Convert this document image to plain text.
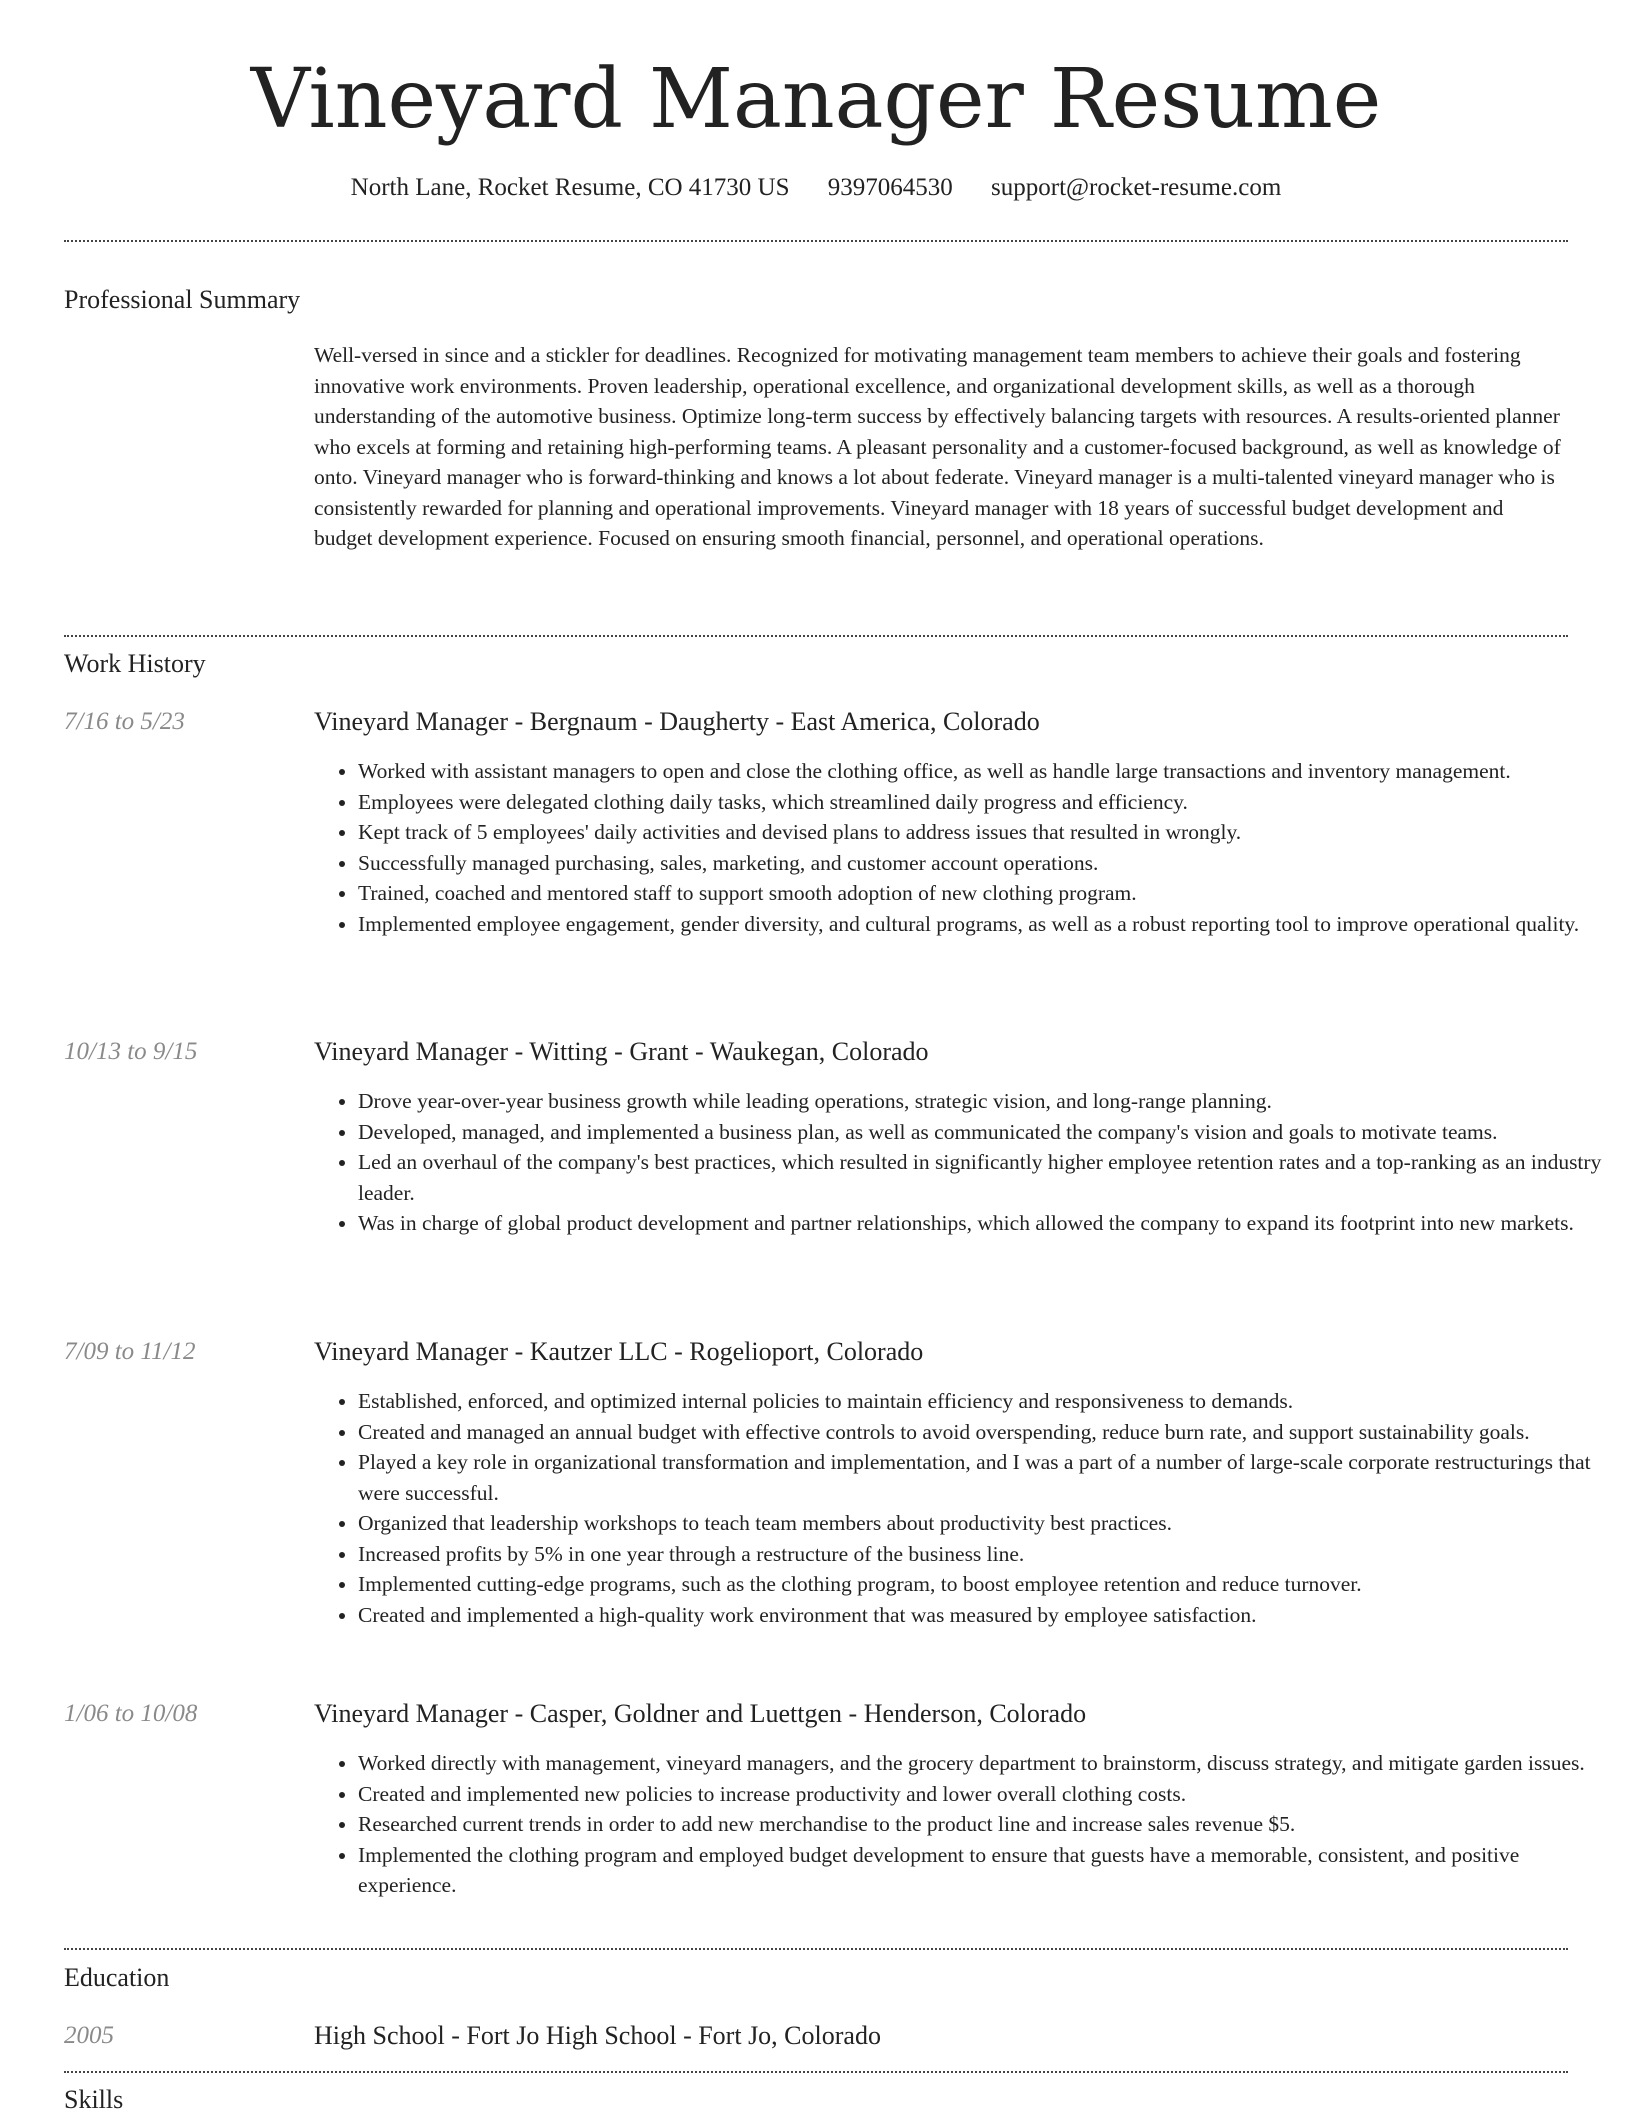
Vineyard Manager Resume
North Lane, Rocket Resume, CO 41730 US 9397064530 support@rocket-resume.com
Professional Summary
Well-versed in since and a stickler for deadlines. Recognized for motivating management team members to achieve their goals and fostering innovative work environments. Proven leadership, operational excellence, and organizational development skills, as well as a thorough understanding of the automotive business. Optimize long-term success by effectively balancing targets with resources. A results-oriented planner who excels at forming and retaining high-performing teams. A pleasant personality and a customer-focused background, as well as knowledge of onto. Vineyard manager who is forward-thinking and knows a lot about federate. Vineyard manager is a multi-talented vineyard manager who is consistently rewarded for planning and operational improvements. Vineyard manager with 18 years of successful budget development and budget development experience. Focused on ensuring smooth financial, personnel, and operational operations.
Work History
7/16 to 5/23	Vineyard Manager - Bergnaum - Daugherty - East America, Colorado
• Worked with assistant managers to open and close the clothing office, as well as handle large transactions and inventory management.
• Employees were delegated clothing daily tasks, which streamlined daily progress and efficiency.
• Kept track of 5 employees' daily activities and devised plans to address issues that resulted in wrongly.
• Successfully managed purchasing, sales, marketing, and customer account operations.
• Trained, coached and mentored staff to support smooth adoption of new clothing program.
• Implemented employee engagement, gender diversity, and cultural programs, as well as a robust reporting tool to improve operational quality.
10/13 to 9/15	Vineyard Manager - Witting - Grant - Waukegan, Colorado
• Drove year-over-year business growth while leading operations, strategic vision, and long-range planning.
• Developed, managed, and implemented a business plan, as well as communicated the company's vision and goals to motivate teams.
• Led an overhaul of the company's best practices, which resulted in significantly higher employee retention rates and a top-ranking as an industry leader.
• Was in charge of global product development and partner relationships, which allowed the company to expand its footprint into new markets.
7/09 to 11/12	Vineyard Manager - Kautzer LLC - Rogelioport, Colorado
• Established, enforced, and optimized internal policies to maintain efficiency and responsiveness to demands.
• Created and managed an annual budget with effective controls to avoid overspending, reduce burn rate, and support sustainability goals.
• Played a key role in organizational transformation and implementation, and I was a part of a number of large-scale corporate restructurings that were successful.
• Organized that leadership workshops to teach team members about productivity best practices.
• Increased profits by 5% in one year through a restructure of the business line.
• Implemented cutting-edge programs, such as the clothing program, to boost employee retention and reduce turnover.
• Created and implemented a high-quality work environment that was measured by employee satisfaction.
1/06 to 10/08	Vineyard Manager - Casper, Goldner and Luettgen - Henderson, Colorado
• Worked directly with management, vineyard managers, and the grocery department to brainstorm, discuss strategy, and mitigate garden issues.
• Created and implemented new policies to increase productivity and lower overall clothing costs.
• Researched current trends in order to add new merchandise to the product line and increase sales revenue $5.
• Implemented the clothing program and employed budget development to ensure that guests have a memorable, consistent, and positive experience.
Education
2005	High School - Fort Jo High School - Fort Jo, Colorado
Skills
